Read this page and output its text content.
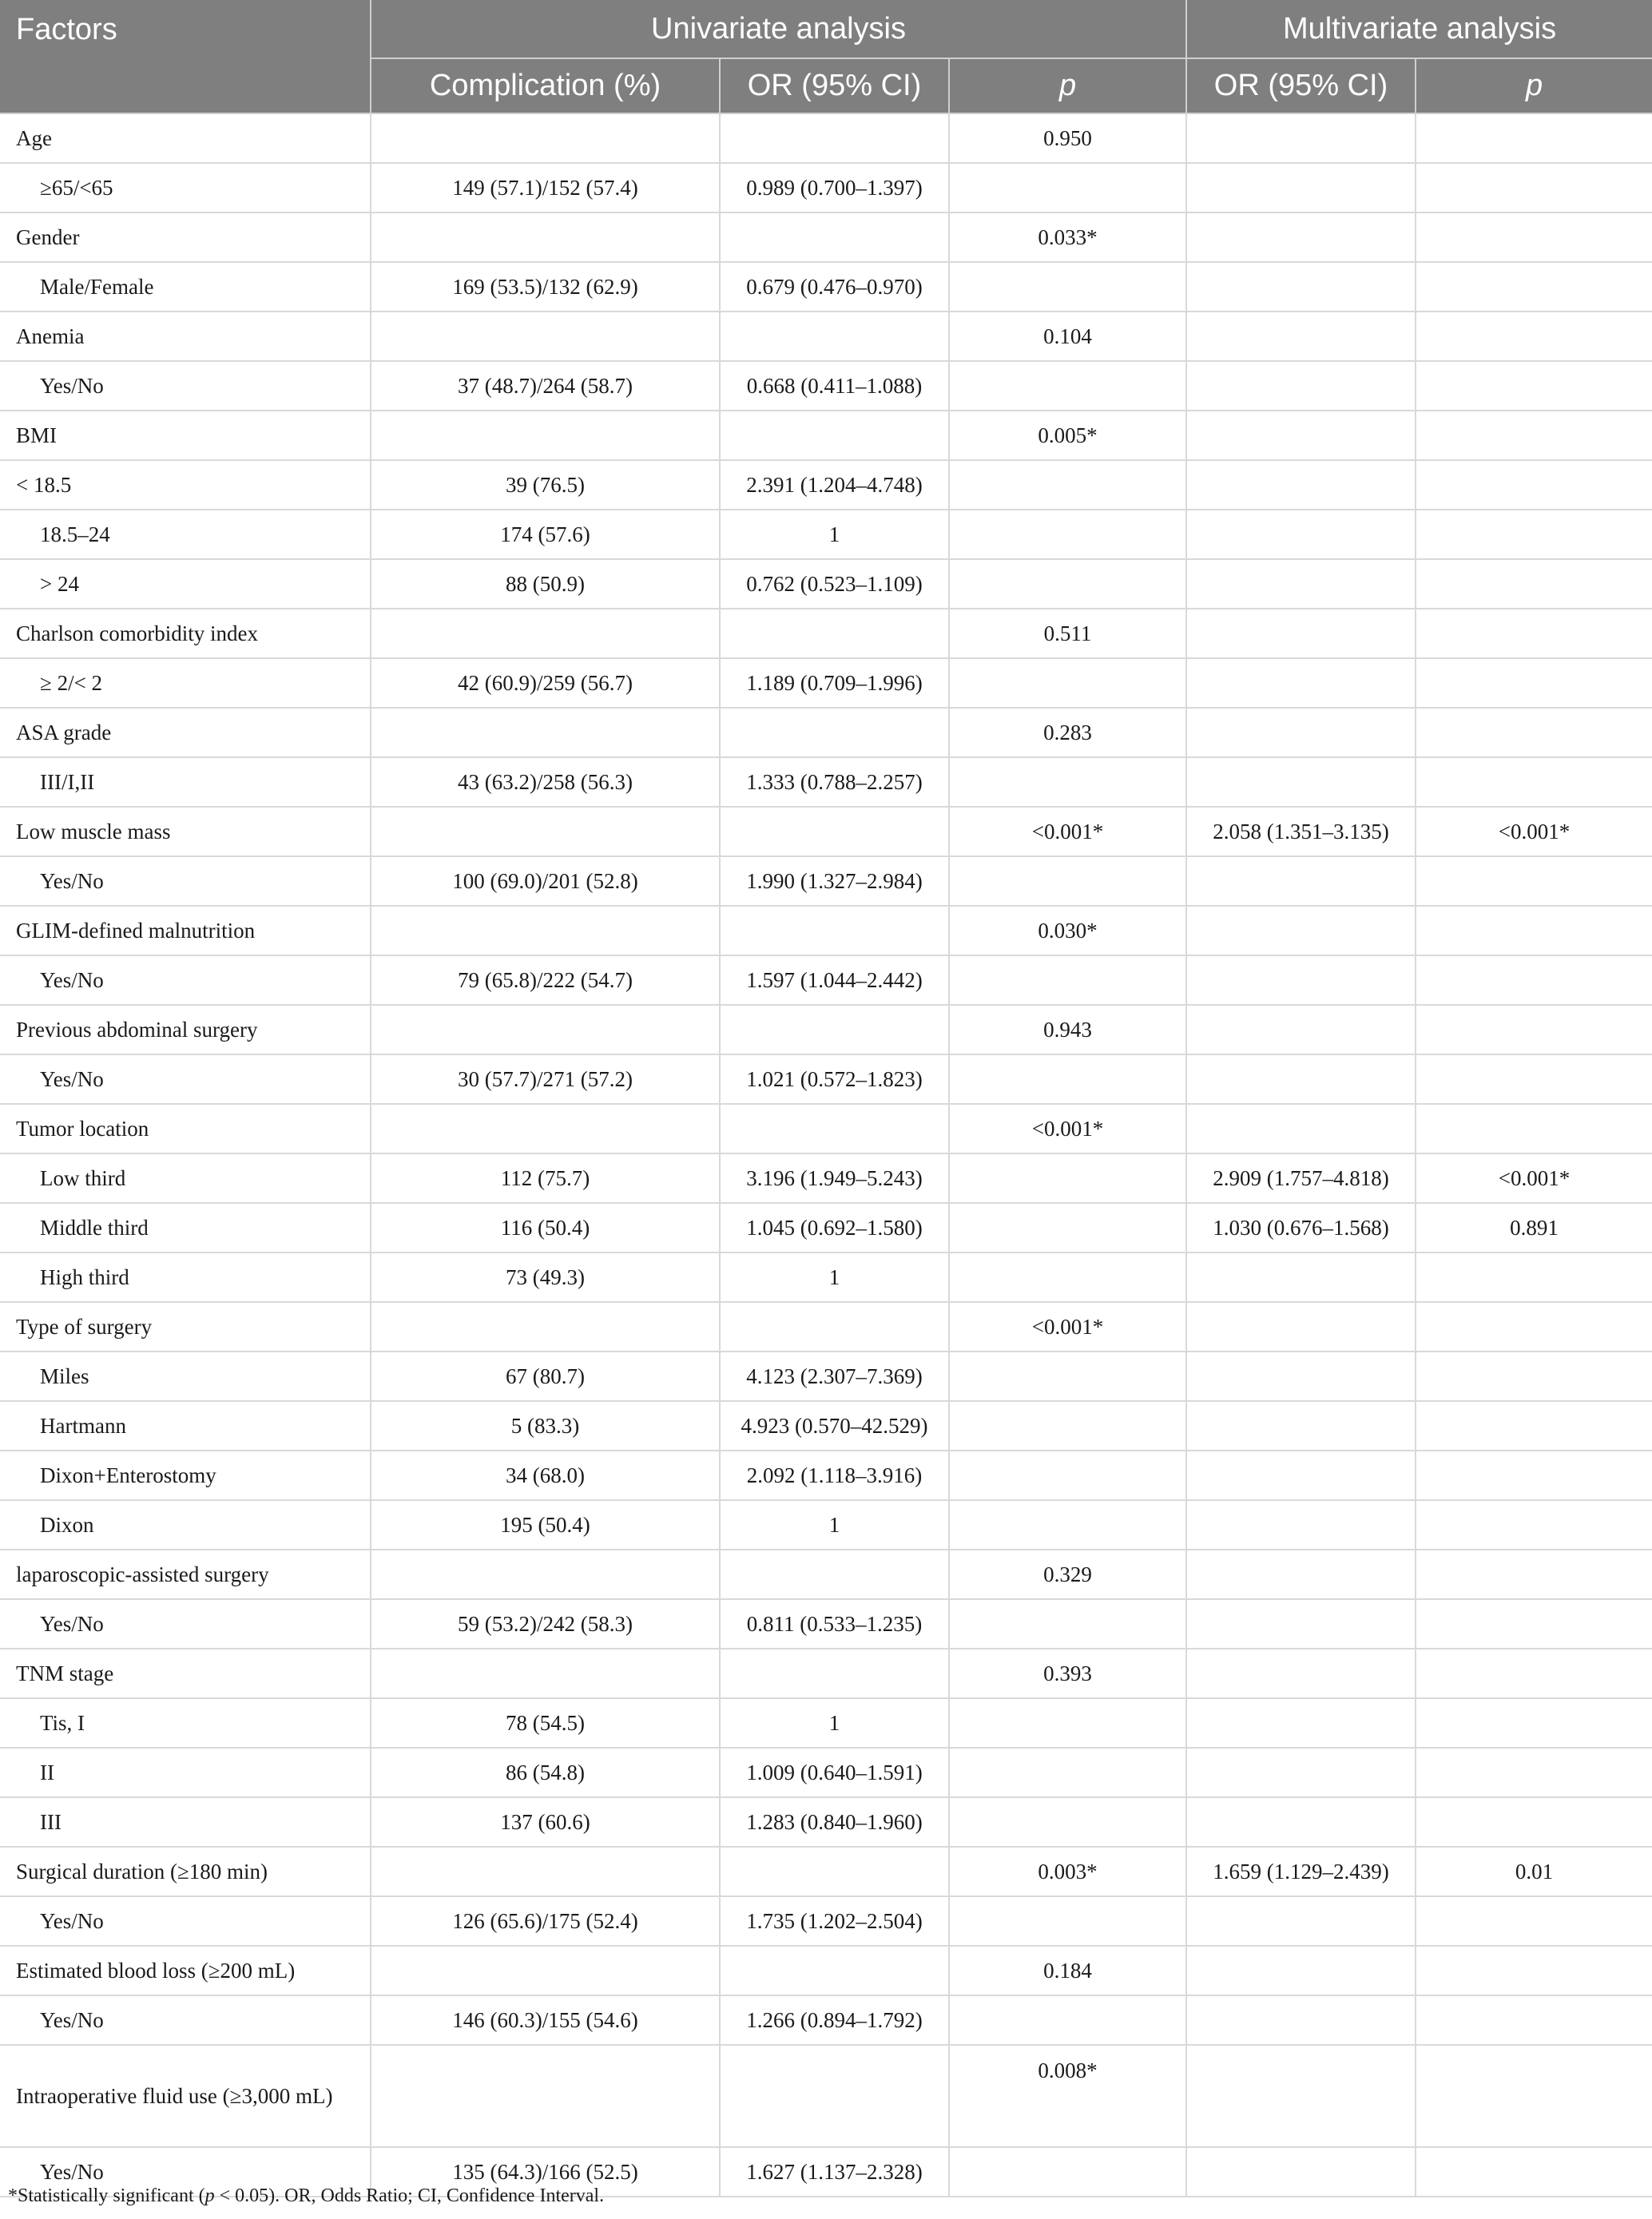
Factors	Univariate analysis			Multivariate analysis	
	Complication (%)	OR (95% CI)	p	OR (95% CI)	p
Age			0.950		
≥65/<65	149 (57.1)/152 (57.4)	0.989 (0.700–1.397)			
Gender			0.033*		
Male/Female	169 (53.5)/132 (62.9)	0.679 (0.476–0.970)			
Anemia			0.104		
Yes/No	37 (48.7)/264 (58.7)	0.668 (0.411–1.088)			
BMI			0.005*		
< 18.5	39 (76.5)	2.391 (1.204–4.748)			
18.5–24	174 (57.6)	1			
˃ 24	88 (50.9)	0.762 (0.523–1.109)			
Charlson comorbidity index			0.511		
≥ 2/< 2	42 (60.9)/259 (56.7)	1.189 (0.709–1.996)			
ASA grade			0.283		
III/I,II	43 (63.2)/258 (56.3)	1.333 (0.788–2.257)			
Low muscle mass			<0.001*	2.058 (1.351–3.135)	<0.001*
Yes/No	100 (69.0)/201 (52.8)	1.990 (1.327–2.984)			
GLIM-defined malnutrition			0.030*		
Yes/No	79 (65.8)/222 (54.7)	1.597 (1.044–2.442)			
Previous abdominal surgery			0.943		
Yes/No	30 (57.7)/271 (57.2)	1.021 (0.572–1.823)			
Tumor location			<0.001*		
Low third	112 (75.7)	3.196 (1.949–5.243)		2.909 (1.757–4.818)	<0.001*
Middle third	116 (50.4)	1.045 (0.692–1.580)		1.030 (0.676–1.568)	0.891
High third	73 (49.3)	1			
Type of surgery			<0.001*		
Miles	67 (80.7)	4.123 (2.307–7.369)			
Hartmann	5 (83.3)	4.923 (0.570–42.529)			
Dixon+Enterostomy	34 (68.0)	2.092 (1.118–3.916)			
Dixon	195 (50.4)	1			
laparoscopic-assisted surgery			0.329		
Yes/No	59 (53.2)/242 (58.3)	0.811 (0.533–1.235)			
TNM stage			0.393		
Tis, I	78 (54.5)	1			
II	86 (54.8)	1.009 (0.640–1.591)			
III	137 (60.6)	1.283 (0.840–1.960)			
Surgical duration (≥180 min)			0.003*	1.659 (1.129–2.439)	0.01
Yes/No	126 (65.6)/175 (52.4)	1.735 (1.202–2.504)			
Estimated blood loss (≥200 mL)			0.184		
Yes/No	146 (60.3)/155 (54.6)	1.266 (0.894–1.792)			
Intraoperative fluid use (≥3,000 mL)			0.008*		
Yes/No	135 (64.3)/166 (52.5)	1.627 (1.137–2.328)			
*Statistically significant (p < 0.05). OR, Odds Ratio; CI, Confidence Interval.
